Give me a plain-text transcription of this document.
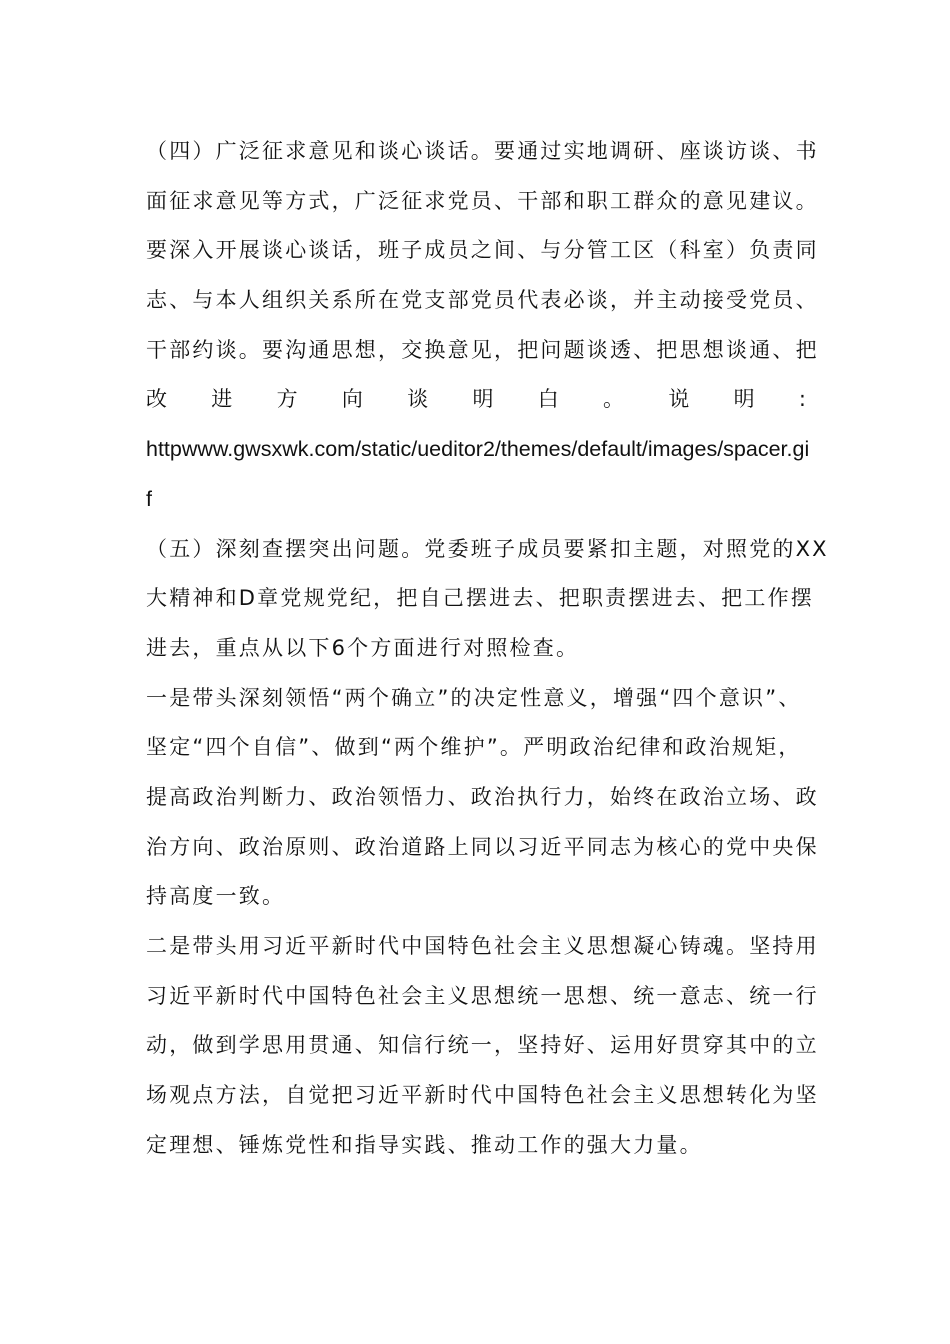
（四）广泛征求意见和谈心谈话。要通过实地调研、座谈访谈、书
面征求意见等方式，广泛征求党员、干部和职工群众的意见建议。
要深入开展谈心谈话，班子成员之间、与分管工区（科室）负责同
志、与本人组织关系所在党支部党员代表必谈，并主动接受党员、
干部约谈。要沟通思想，交换意见，把问题谈透、把思想谈通、把
改 进 方 向 谈 明 白 。 说 明 :
httpwww.gwsxwk.com/static/ueditor2/themes/default/images/spacer.gi
f
（五）深刻查摆突出问题。党委班子成员要紧扣主题，对照党的XX
大精神和D章党规党纪，把自己摆进去、把职责摆进去、把工作摆
进去，重点从以下6个方面进行对照检查。
一是带头深刻领悟“两个确立”的决定性意义，增强“四个意识”、
坚定“四个自信”、做到“两个维护”。严明政治纪律和政治规矩，
提高政治判断力、政治领悟力、政治执行力，始终在政治立场、政
治方向、政治原则、政治道路上同以习近平同志为核心的党中央保
持高度一致。
二是带头用习近平新时代中国特色社会主义思想凝心铸魂。坚持用
习近平新时代中国特色社会主义思想统一思想、统一意志、统一行
动，做到学思用贯通、知信行统一，坚持好、运用好贯穿其中的立
场观点方法，自觉把习近平新时代中国特色社会主义思想转化为坚
定理想、锤炼党性和指导实践、推动工作的强大力量。
